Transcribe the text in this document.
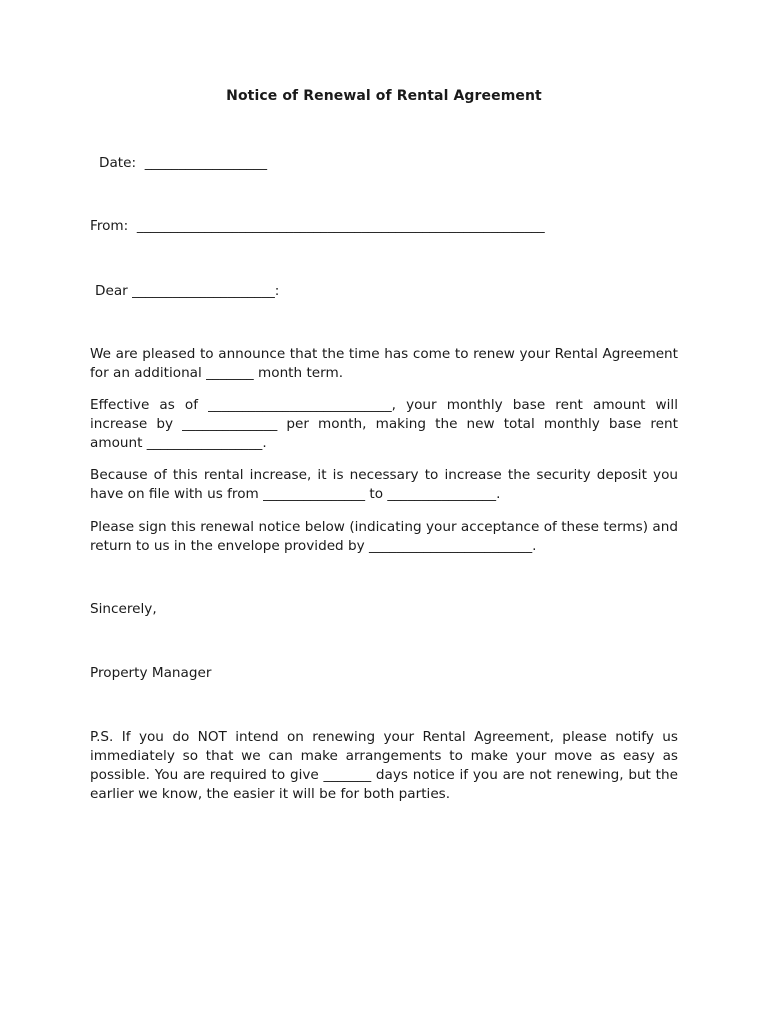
Notice of Renewal of Rental Agreement
Date:  __________________
From:  ____________________________________________________________
Dear _____________________:
We are pleased to announce that the time has come to renew your Rental Agreement for an additional _______ month term.
Effective as of ___________________________, your monthly base rent amount will increase by ______________ per month, making the new total monthly base rent amount _________________.
Because of this rental increase, it is necessary to increase the security deposit you have on file with us from _______________ to ________________.
Please sign this renewal notice below (indicating your acceptance of these terms) and return to us in the envelope provided by ________________________.
Sincerely,
Property Manager
P.S. If you do NOT intend on renewing your Rental Agreement, please notify us immediately so that we can make arrangements to make your move as easy as possible. You are required to give _______ days notice if you are not renewing, but the earlier we know, the easier it will be for both parties.
